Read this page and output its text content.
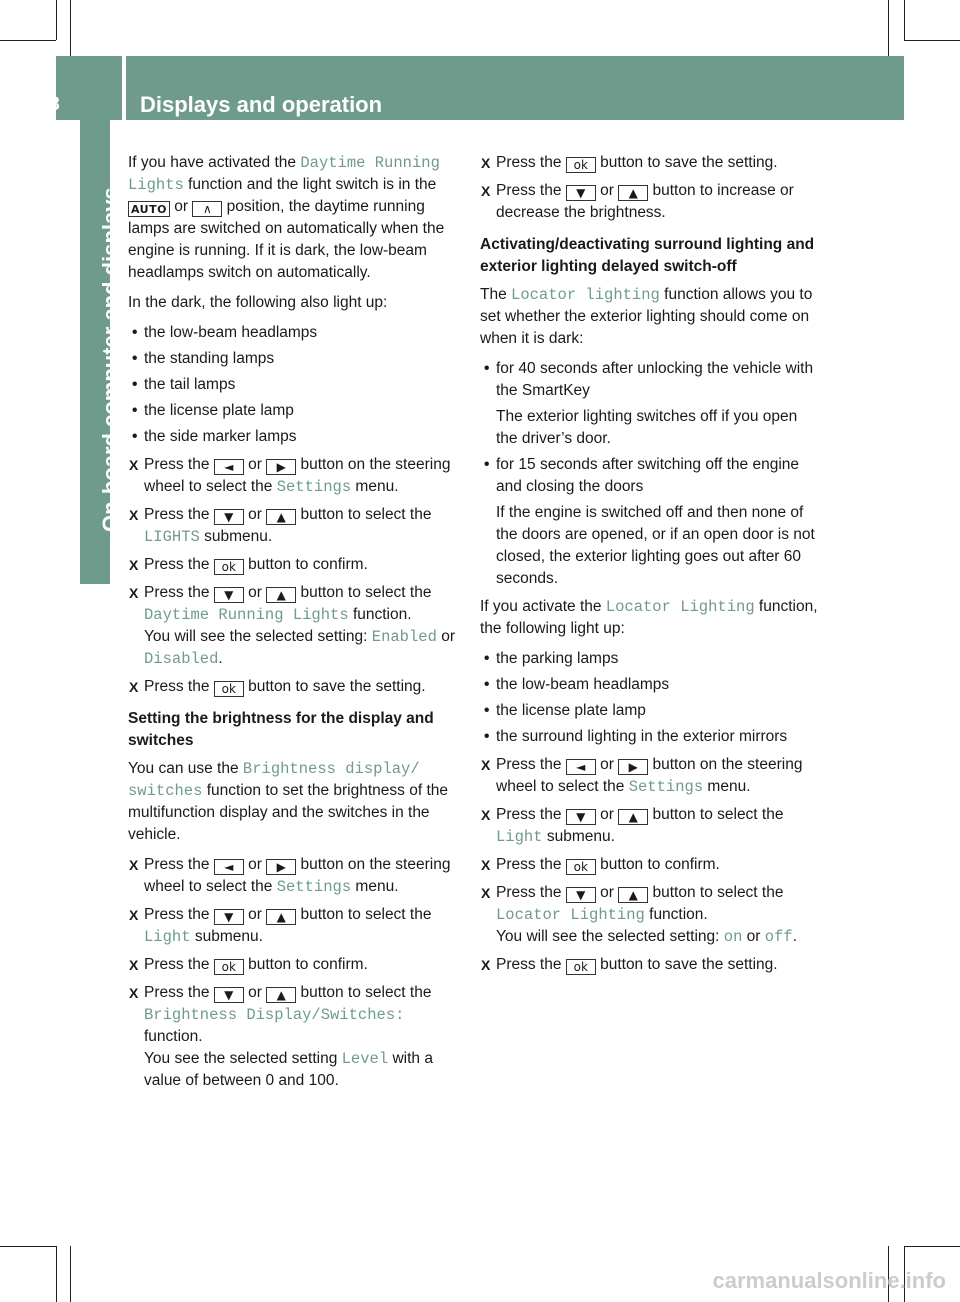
158	Displays and operation
On-board computer and displays

If you have activated the Daytime Running Lights function and the light switch is in the AUTO or ∧ position, the daytime running lamps are switched on automatically when the engine is running. If it is dark, the low-beam headlamps switch on automatically.

In the dark, the following also light up:

• the low-beam headlamps
• the standing lamps
• the tail lamps
• the license plate lamp
• the side marker lamps
X Press the ◄ or ▶ button on the steering wheel to select the Settings menu.
X Press the ▼ or ▲ button to select the LIGHTS submenu.
X Press the ok button to confirm.
X Press the ▼ or ▲ button to select the Daytime Running Lights function.
You will see the selected setting: Enabled or Disabled.
X Press the ok button to save the setting.

Setting the brightness for the display and switches

You can use the Brightness display/ switches function to set the brightness of the multifunction display and the switches in the vehicle.

X Press the ◄ or ▶ button on the steering wheel to select the Settings menu.
X Press the ▼ or ▲ button to select the Light submenu.
X Press the ok button to confirm.
X Press the ▼ or ▲ button to select the Brightness Display/Switches:
function.
You see the selected setting Level with a value of between 0 and 100.
X Press the ok button to save the setting.
X Press the ▼ or ▲ button to increase or decrease the brightness.

Activating/deactivating surround lighting and exterior lighting delayed switch-off

The Locator lighting function allows you to set whether the exterior lighting should come on when it is dark:

• for 40 seconds after unlocking the vehicle with the SmartKey
The exterior lighting switches off if you open the driver’s door.
• for 15 seconds after switching off the engine and closing the doors
If the engine is switched off and then none of the doors are opened, or if an open door is not closed, the exterior lighting goes out after 60 seconds.

If you activate the Locator Lighting function, the following light up:

• the parking lamps
• the low-beam headlamps
• the license plate lamp
• the surround lighting in the exterior mirrors
X Press the ◄ or ▶ button on the steering wheel to select the Settings menu.
X Press the ▼ or ▲ button to select the Light submenu.
X Press the ok button to confirm.
X Press the ▼ or ▲ button to select the Locator Lighting function.
You will see the selected setting: on or off.
X Press the ok button to save the setting.
carmanualsonline.info
